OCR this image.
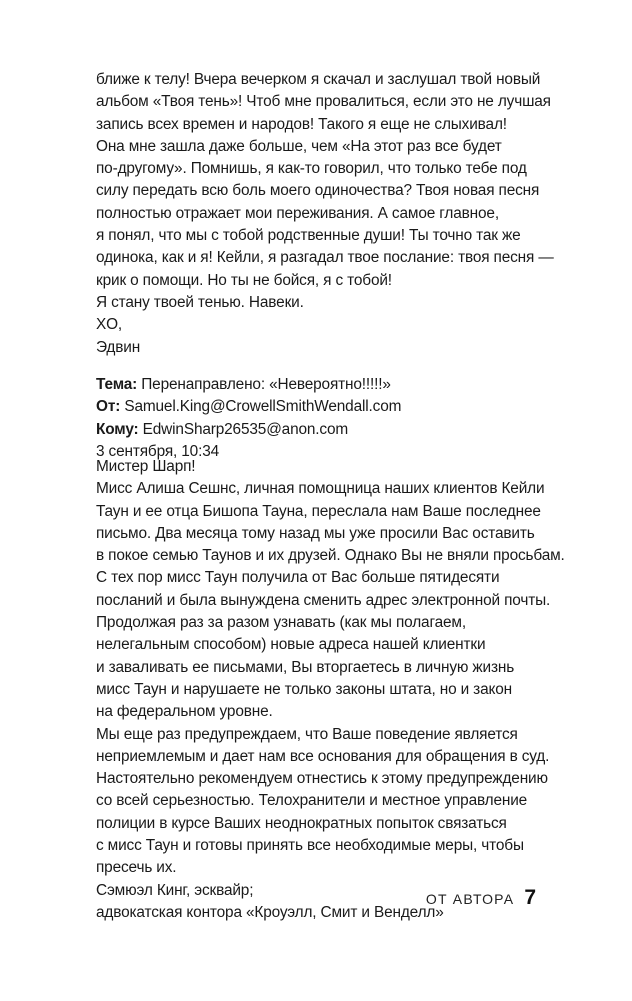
ближе к телу! Вчера вечерком я скачал и заслушал твой новый
альбом «Твоя тень»! Чтоб мне провалиться, если это не лучшая
запись всех времен и народов! Такого я еще не слыхивал!
Она мне зашла даже больше, чем «На этот раз все будет
по-другому». Помнишь, я как-то говорил, что только тебе под
силу передать всю боль моего одиночества? Твоя новая песня
полностью отражает мои переживания. А самое главное,
я понял, что мы с тобой родственные души! Ты точно так же
одинока, как и я! Кейли, я разгадал твое послание: твоя песня —
крик о помощи. Но ты не бойся, я с тобой!
Я стану твоей тенью. Навеки.
XO,
Эдвин
Тема: Перенаправлено: «Невероятно!!!!!»
От: Samuel.King@CrowellSmithWendall.com
Кому: EdwinSharp26535@anon.com
3 сентября, 10:34
Мистер Шарп!
Мисс Алиша Сешнс, личная помощница наших клиентов Кейли
Таун и ее отца Бишопа Тауна, переслала нам Ваше последнее
письмо. Два месяца тому назад мы уже просили Вас оставить
в покое семью Таунов и их друзей. Однако Вы не вняли просьбам.
С тех пор мисс Таун получила от Вас больше пятидесяти
посланий и была вынуждена сменить адрес электронной почты.
Продолжая раз за разом узнавать (как мы полагаем,
нелегальным способом) новые адреса нашей клиентки
и заваливать ее письмами, Вы вторгаетесь в личную жизнь
мисс Таун и нарушаете не только законы штата, но и закон
на федеральном уровне.
Мы еще раз предупреждаем, что Ваше поведение является
неприемлемым и дает нам все основания для обращения в суд.
Настоятельно рекомендуем отнестись к этому предупреждению
со всей серьезностью. Телохранители и местное управление
полиции в курсе Ваших неоднократных попыток связаться
с мисс Таун и готовы принять все необходимые меры, чтобы
пресечь их.
Сэмюэл Кинг, эсквайр;
адвокатская контора «Кроуэлл, Смит и Венделл»
ОТ АВТОРА 7
